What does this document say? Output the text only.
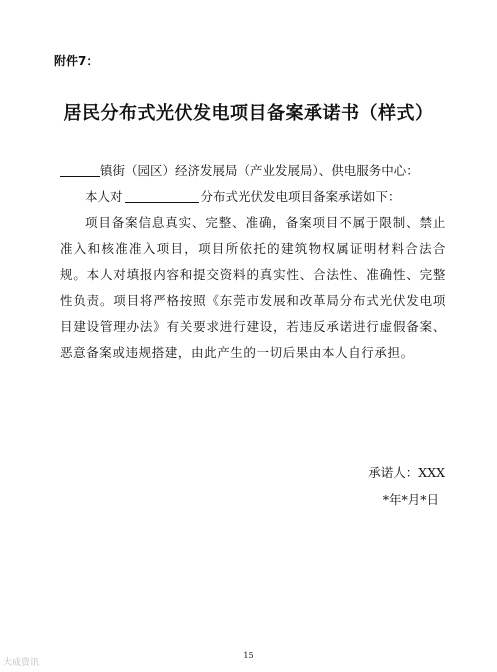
附件7：
居民分布式光伏发电项目备案承诺书（样式）
镇街（园区）经济发展局（产业发展局）、供电服务中心：
本人对	分布式光伏发电项目备案承诺如下：
项目备案信息真实、完整、准确，备案项目不属于限制、禁止准入和核准准入项目，项目所依托的建筑物权属证明材料合法合规。本人对填报内容和提交资料的真实性、合法性、准确性、完整性负责。项目将严格按照《东莞市发展和改革局分布式光伏发电项目建设管理办法》有关要求进行建设，若违反承诺进行虚假备案、恶意备案或违规搭建，由此产生的一切后果由本人自行承担。
承诺人：XXX
*年*月*日
15
大成资讯
